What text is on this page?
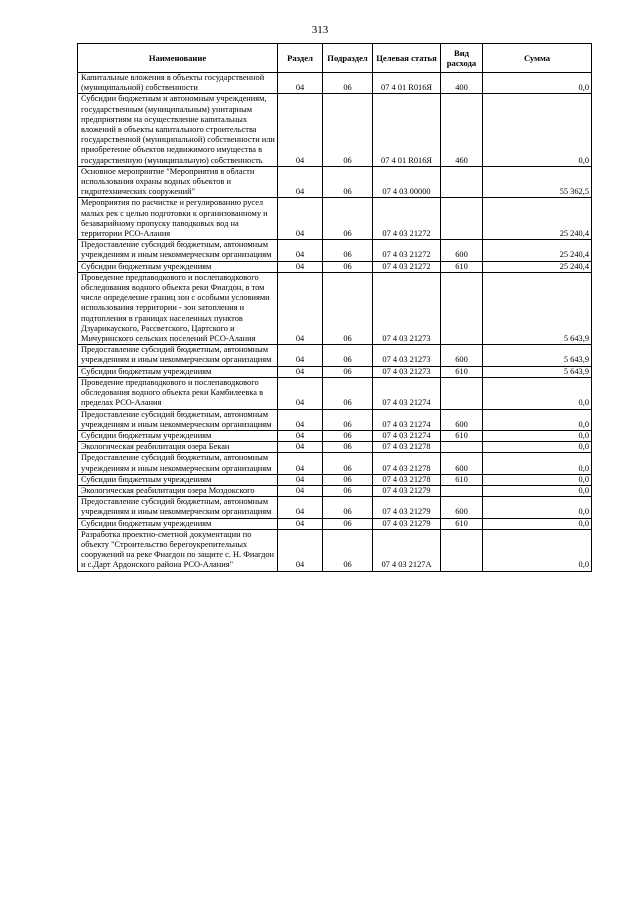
313
Наименование	Раздел	Подраздел	Целевая статья	Вид расхода	Сумма
Капитальные вложения в объекты государственной (муниципальной) собственности	04	06	07 4 01 R016Я	400	0,0
Субсидии бюджетным и автономным учреждениям, государственным (муниципальным) унитарным предприятиям на осуществление капитальных вложений в объекты капитального строительства государственной (муниципальной) собственности или приобретение объектов недвижимого имущества в государственную (муниципальную) собственность	04	06	07 4 01 R016Я	460	0,0
Основное мероприятие "Мероприятия в области использования охраны водных объектов и гидротехнических сооружений"	04	06	07 4 03 00000		55 362,5
Мероприятия по расчистке и регулированию русел малых рек с целью подготовки к организованному и безаварийному пропуску паводковых вод на территории РСО-Алания	04	06	07 4 03 21272		25 240,4
Предоставление субсидий бюджетным, автономным учреждениям и иным некоммерческим организациям	04	06	07 4 03 21272	600	25 240,4
Субсидии бюджетным учреждениям	04	06	07 4 03 21272	610	25 240,4
Проведение предпаводкового и послепаводкового обследования водного объекта реки Фиагдон, в том числе определение границ зон с особыми условиями использования территории - зон затопления и подтопления в границах населенных пунктов Дзуарикауского, Рассветского, Цартского и Мичуринского сельских поселений РСО-Алания	04	06	07 4 03 21273		5 643,9
Предоставление субсидий бюджетным, автономным учреждениям и иным некоммерческим организациям	04	06	07 4 03 21273	600	5 643,9
Субсидии бюджетным учреждениям	04	06	07 4 03 21273	610	5 643,9
Проведение предпаводкового и послепаводкового обследования водного объекта реки Камбилеевка в пределах РСО-Алания	04	06	07 4 03 21274		0,0
Предоставление субсидий бюджетным, автономным учреждениям и иным некоммерческим организациям	04	06	07 4 03 21274	600	0,0
Субсидии бюджетным учреждениям	04	06	07 4 03 21274	610	0,0
Экологическая реабилитация озера Бекан	04	06	07 4 03 21278		0,0
Предоставление субсидий бюджетным, автономным учреждениям и иным некоммерческим организациям	04	06	07 4 03 21278	600	0,0
Субсидии бюджетным учреждениям	04	06	07 4 03 21278	610	0,0
Экологическая реабилитация озера Моздокского	04	06	07 4 03 21279		0,0
Предоставление субсидий бюджетным, автономным учреждениям и иным некоммерческим организациям	04	06	07 4 03 21279	600	0,0
Субсидии бюджетным учреждениям	04	06	07 4 03 21279	610	0,0
Разработка проектно-сметной документации по объекту "Строительство берегоукрепительных сооружений на реке Фиагдон по защите с. Н. Фиагдон и с.Дарт Ардонского района РСО-Алания"	04	06	07 4 03 2127А		0,0
